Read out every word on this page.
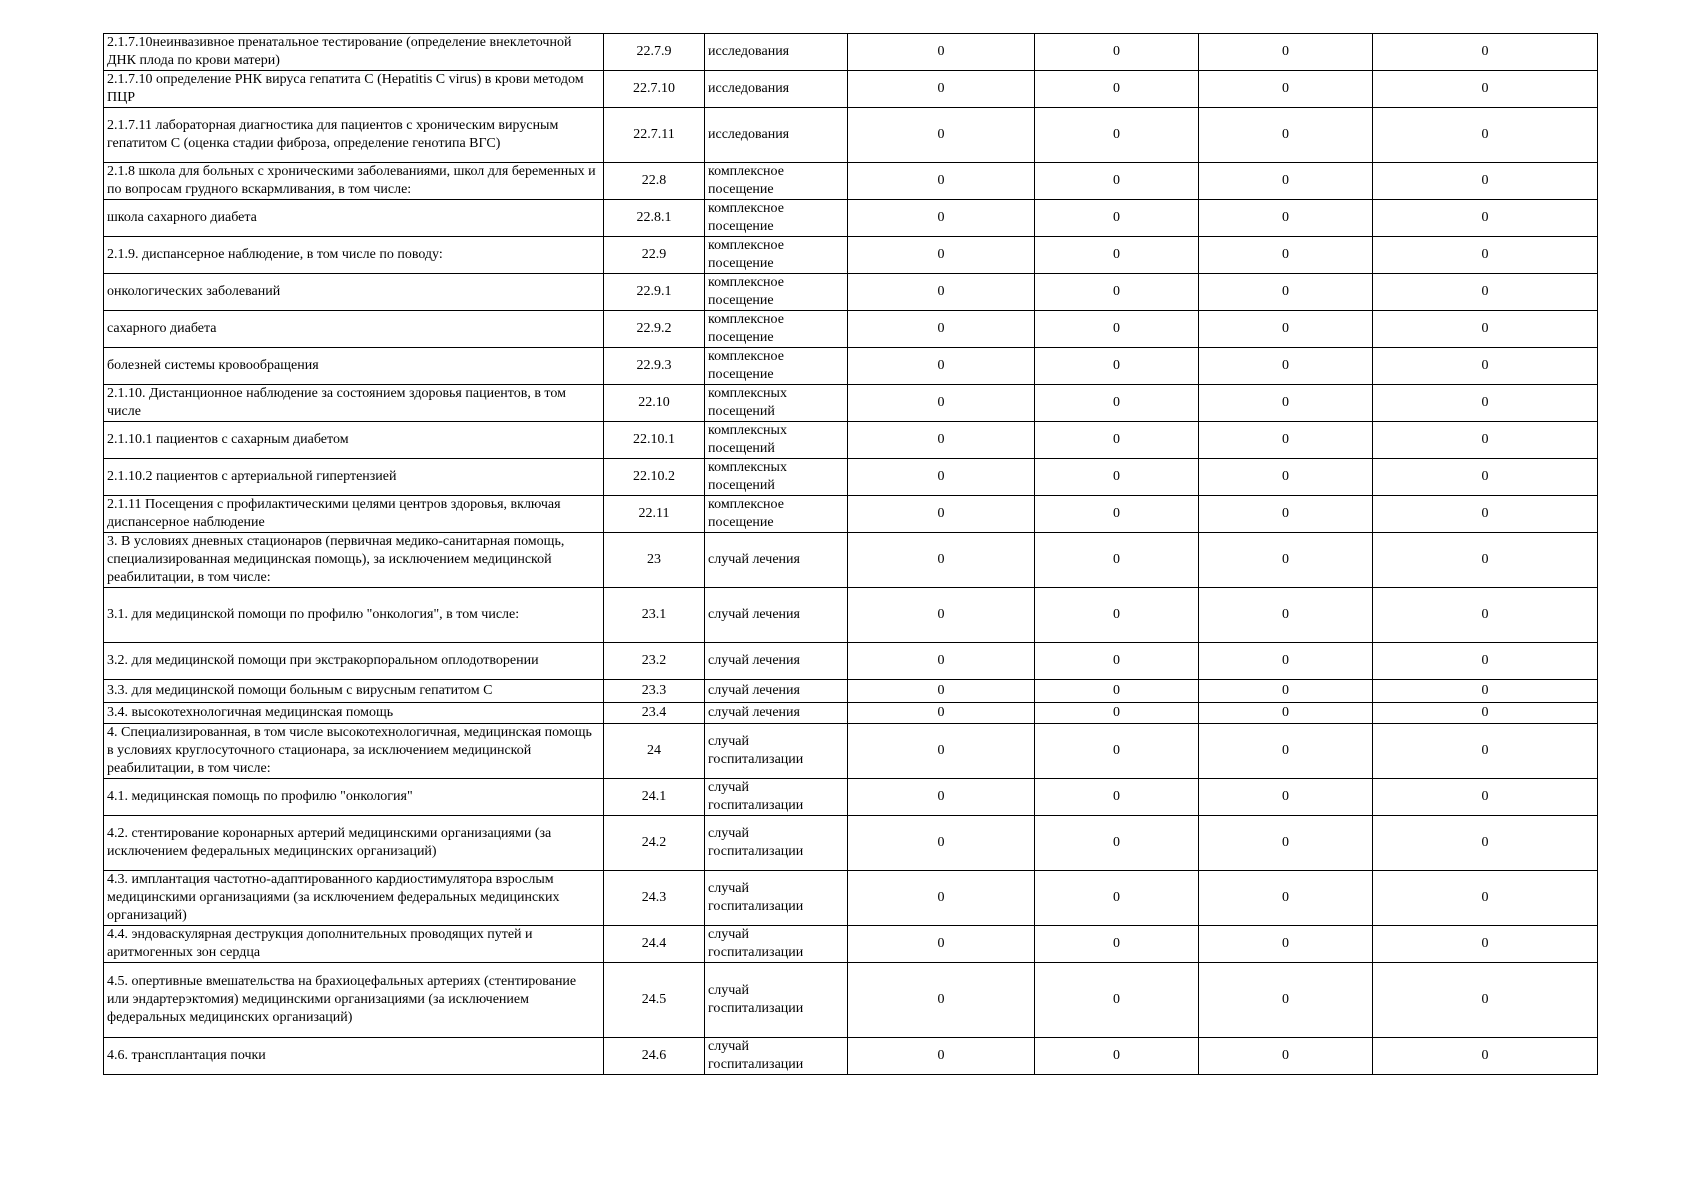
2.1.7.10неинвазивное пренатальное тестирование (определение внеклеточной ДНК плода по крови матери)	22.7.9	исследования	0	0	0	0
2.1.7.10 определение РНК вируса гепатита С (Hepatitis C virus) в крови методом ПЦР	22.7.10	исследования	0	0	0	0
2.1.7.11 лабораторная диагностика для пациентов с хроническим вирусным гепатитом С (оценка стадии фиброза, определение генотипа ВГС)	22.7.11	исследования	0	0	0	0
2.1.8 школа для больных с хроническими заболеваниями, школ для беременных и по вопросам грудного вскармливания, в том числе:	22.8	комплексное посещение	0	0	0	0
школа сахарного диабета	22.8.1	комплексное посещение	0	0	0	0
2.1.9. диспансерное наблюдение, в том числе по поводу:	22.9	комплексное посещение	0	0	0	0
онкологических заболеваний	22.9.1	комплексное посещение	0	0	0	0
сахарного диабета	22.9.2	комплексное посещение	0	0	0	0
болезней системы кровообращения	22.9.3	комплексное посещение	0	0	0	0
2.1.10. Дистанционное наблюдение за состоянием здоровья пациентов, в том числе	22.10	комплексных посещений	0	0	0	0
2.1.10.1 пациентов с сахарным диабетом	22.10.1	комплексных посещений	0	0	0	0
2.1.10.2 пациентов с артериальной гипертензией	22.10.2	комплексных посещений	0	0	0	0
2.1.11 Посещения с профилактическими целями центров здоровья, включая диспансерное наблюдение	22.11	комплексное посещение	0	0	0	0
3. В условиях дневных стационаров (первичная медико-санитарная помощь, специализированная медицинская помощь), за исключением медицинской реабилитации, в том числе:	23	случай лечения	0	0	0	0
3.1. для медицинской помощи по профилю "онкология", в том числе:	23.1	случай лечения	0	0	0	0
3.2. для медицинской помощи при экстракорпоральном оплодотворении	23.2	случай лечения	0	0	0	0
3.3. для медицинской помощи больным с вирусным гепатитом С	23.3	случай лечения	0	0	0	0
3.4. высокотехнологичная медицинская помощь	23.4	случай лечения	0	0	0	0
4. Специализированная, в том числе высокотехнологичная, медицинская помощь в условиях круглосуточного стационара, за исключением медицинской реабилитации, в том числе:	24	случай госпитализации	0	0	0	0
4.1. медицинская помощь по профилю "онкология"	24.1	случай госпитализации	0	0	0	0
4.2. стентирование коронарных артерий медицинскими организациями (за исключением федеральных медицинских организаций)	24.2	случай госпитализации	0	0	0	0
4.3. имплантация частотно-адаптированного кардиостимулятора взрослым медицинскими организациями (за исключением федеральных медицинских организаций)	24.3	случай госпитализации	0	0	0	0
4.4. эндоваскулярная деструкция дополнительных проводящих путей и аритмогенных зон сердца	24.4	случай госпитализации	0	0	0	0
4.5. опертивные вмешательства на брахиоцефальных артериях (стентирование или эндартерэктомия) медицинскими организациями (за исключением федеральных медицинских организаций)	24.5	случай госпитализации	0	0	0	0
4.6. трансплантация почки	24.6	случай госпитализации	0	0	0	0
